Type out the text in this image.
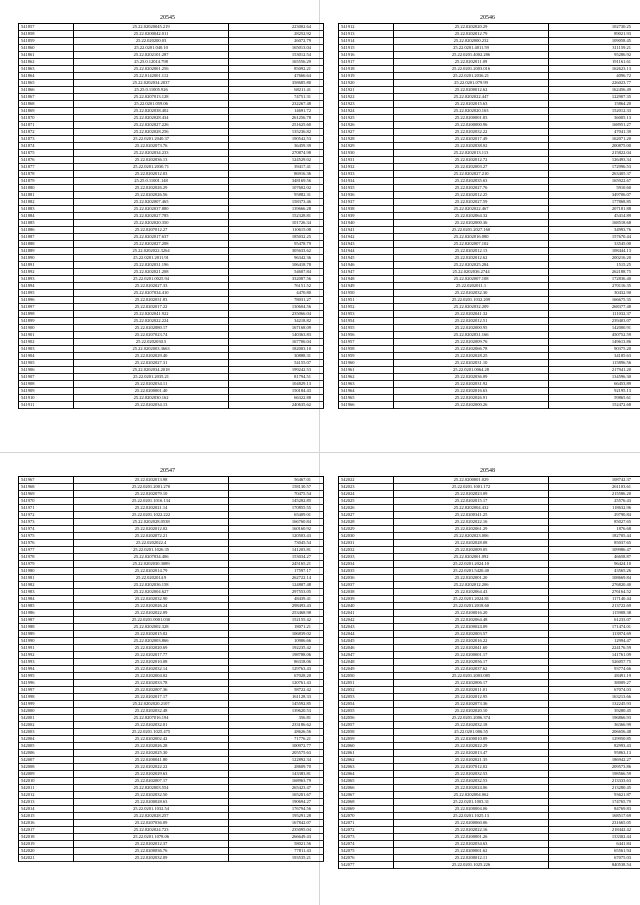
20545
541857	25.22.02020045.219	223002.64
541858	25.22.0200042.011	28252.92
541859	25.22.020200.03	26072.79
541860	25.22.0201.040.10	165013.04
541861	25.22.0202101.287	153012.54
541862	25.25.0.12014.798	165556.29
541863	25.22.0202001.256	85092.21
541864	25.22.0142001.112	47666.64
541865	25.22.0202034.2037	358685.80
541866	25.25.0.11005.926	68211.41
541867	25.22.0207013.128	74751.31
541868	25.22.0201.059.06	232267.48
541869	25.22.0202038.402	14691.72
541870	25.22.0202028.434	261256.78
541871	25.22.0202027.226	251625.60
541872	25.22.0202028.256	135236.82
541873	25.22.0201.2040.37	190542.53
541874	25.22.0202073.76	36459.39
541875	25.22.0202034.233	270874.98
541876	25.22.0202036.13	124529.02
541877	25.22.0201.2030.71	39417.41
541878	25.22.0202012.03	86916.36
541879	25.25.0.11001.148	348169.56
541880	25.22.0202026.29	107602.02
541881	25.22.0202026.56	95882.31
541882	25.22.0202007.465	158373.46
541883	25.22.0202037.880	139666.28
541884	25.22.0202027.785	152328.81
541885	25.22.0202020.350	101726.34
541886	25.22.0207012.27	110615.08
541887	25.22.0202017.637	185032.25
541888	25.22.0202027.208	95478.79
541889	25.22.0202022.3264	305633.62
541890	25.22.0201.2011.91	96342.36
541891	25.22.0202031.196	106418.78
541892	25.22.0202021.208	54607.84
541893	25.22.0201.0025.94	332087.56
541894	25.22.0202027.33	76151.52
541895	25.22.0207034.410	4470.80
541896	25.22.0202031.83	78031.27
541897	25.22.0202017.22	130604.56
541898	25.22.0202041.922	235066.04
541899	25.22.0202022.224	34218.82
541900	25.22.0202080.17	167168.09
541901	25.22.0207023.74	140363.83
541902	25.22.0202030.5	167706.04
541903	25.22.0202003.3663	182003.10
541904	25.22.0202029.40	30888.31
541905	25.22.0202027.31	54155.07
541906	25.22.0202034.2018	199242.53
541907	25.22.0201.2035.21	81794.51
541908	25.22.0202034.11	104829.13
541909	25.22.0200001.40	150184.43
541910	25.22.0202030.162	66322.88
541911	25.22.0202034.13	240635.62
20546
541912	25.22.0202020.29	102730.25
541913	25.22.0202012.79	89021.93
541914	25.22.0202000.232	109058.45
541915	25.22.0201.4011.59	311159.21
541916	25.22.0201.4002.286	95286.92
541917	25.22.0202011.09	191161.61
541918	25.22.0201.2003.016	162623.13
541919	25.22.0201.2036.21	4096.72
541920	25.22.0201.079.99	226023.77
541921	25.22.0200012.62	162456.49
541922	25.22.0202022.447	122907.35
541923	25.22.0202015.63	15864.20
541924	25.22.0202020.163	152012.33
541925	25.22.0200001.83	36005.13
541926	25.22.0200000.96	168951.27
541927	25.22.0202032.22	47041.39
541928	25.22.0202017.49	162071.20
541929	25.22.0202038.02	200875.00
541930	25.22.0202013.113	215822.04
541931	25.22.0202012.72	126493.34
541932	25.22.0202003.27	172996.53
541933	25.22.0202027.210	263405.37
541934	25.22.0202035.63	165922.67
541935	25.22.0202027.76	5910.60
541936	25.22.0202012.25	349706.07
541937	25.22.0202027.59	177868.85
541938	25.22.0202022.467	207181.88
541939	25.22.0202064.32	45414.89
541940	25.22.0202000.36	168518.68
541941	25.22.0201.2027.160	34993.76
541942	25.22.0202016.080	157670.44
541943	25.22.0202007.102	33545.00
541944	25.22.0202012.13	108444.13
541945	25.22.0202012.62	200216.20
541946	25.22.0202025.284	1515.25
541947	25.22.0202036.2744	262188.75
541948	25.22.0202007.108	172836.40
541949	25.22.0202011.1	270116.35
541950	25.22.0202032.30	30432.90
541951	25.22.0201.1032.209	166675.35
541952	25.22.0202032.209	268377.48
541953	25.22.0202041.32	111032.37
541954	25.22.0202012.51	239403.07
541955	25.22.0202000.95	142000.91
541956	25.22.0202031.166	450752.59
541957	25.22.0202009.76	149613.86
541958	25.22.0202066.78	90375.20
541959	25.22.0202028.25	34185.63
541960	25.22.0202031.10	115896.56
541961	25.22.0201.0064.28	217941.20
541962	25.22.0202036.09	134596.30
541963	25.22.0202031.92	66453.89
541964	25.22.0202016.63	92195.13
541965	25.22.0202026.91	59865.61
541966	25.22.0202000.26	152472.68
20547
541967	25.22.0202013.98	56467.01
541968	25.22.0201.2001.270	158130.57
541969	25.22.0202079.10	70475.54
541970	25.22.0201.1016.134	145202.85
541971	25.22.0202021.14	170855.55
541972	25.22.0201.1022.222	65409.01
541973	25.22.0202028.0538	166760.84
541974	25.22.0202012.02	160160.92
541975	25.22.0202072.21	120503.43
541976	25.22.0202022.4	73045.54
541977	25.22.0201.1026.35	141203.81
541978	25.22.0207034.406	153034.27
541979	25.22.0202030.3089	245165.21
541980	25.22.0202014.79	17597.17
541981	25.22.0202014.9	262722.14
541982	25.22.0202036.158	124807.48
541983	25.22.0202004.627	297553.05
541984	25.22.0202032.90	48439.41
541985	25.22.0202026.24	298493.43
541986	25.22.0202022.09	253468.98
541987	25.22.0201.0001.030	152155.42
541988	25.22.0202002.328	18071.21
541989	25.22.0202015.02	106839.02
541990	25.22.0202003.866	10906.66
541991	25.22.0202020.69	192235.42
541992	25.22.0202017.77	198788.06
541993	25.22.0202010.08	86318.06
541994	25.22.0202032.14	129763.43
541995	25.22.0202004.02	67028.20
541996	25.22.0202033.78	120761.43
541997	25.22.0202007.36	58722.42
541998	25.22.0202017.17	161128.33
541999	25.22.0202020.2107	145592.85
542000	25.22.0202032.48	139620.53
542001	25.22.0207016.194	356.81
542002	25.22.0202032.01	233186.62
542003	25.22.0201.1025.475	28626.56
542004	25.22.0202002.42	71776.21
542005	25.22.0202026.28	100972.77
542006	25.22.0202025.30	205575.63
542007	25.22.0200041.80	122892.34
542008	25.22.0202022.22	28609.70
542009	25.22.0202029.63	143383.81
542010	25.22.0202007.17	168963.79
542011	25.22.0202003.554	265423.47
542012	25.22.0202032.50	165201.67
542013	25.22.0200028.63	190694.27
542014	25.22.0201.1032.54	176794.56
542015	25.22.0202028.257	195291.28
542016	25.22.0207036.09	167842.07
542017	25.22.0202024.723	235095.04
542018	25.22.0201.1078.06	266649.43
542019	25.22.0202012.37	58021.56
542020	25.22.0200036.76	77811.43
542021	25.22.0202032.09	193535.21
20548
542022	25.22.0200001.029	108742.37
542023	25.22.0201.1001.172	261103.61
542024	25.22.0202023.09	215586.20
542025	25.22.0202015.17	25576.43
542026	25.22.0202004.432	118632.96
542027	25.22.0200341.25	29790.84
542028	25.22.0202022.16	85027.65
542029	25.22.0202061.29	1876.68
542030	25.22.0202023.006	182705.44
542031	25.22.0202028.08	85037.65
542032	25.22.0202009.05	109986.47
542033	25.22.0202001.092	46658.87
542034	25.22.0201.2024.10	96424.10
542035	25.22.0201.5420.40	43565.26
542036	25.22.0202001.20	108669.84
542037	25.22.0202012.206	276820.40
542038	25.22.0202064.43	276164.52
542039	25.22.0201.2024.81	117140.44
542040	25.22.0201.2018.60	213722.69
542041	25.22.0200016.20	115908.38
542042	25.22.0202064.48	61233.07
542043	25.22.0200024.09	171474.01
542044	25.22.0202003.57	113974.69
542045	25.22.0202016.22	12994.47
542046	25.22.0202041.60	224176.59
542047	25.22.0200001.17	141761.09
542048	25.22.0202056.17	526057.75
542049	25.22.0202037.62	93774.66
542050	25.22.0201.2003.085	28491.19
542051	25.22.0202006.17	38009.27
542052	25.22.0202011.01	67074.03
542053	25.22.0202012.95	163213.66
542054	25.22.0202073.36	132245.93
542055	25.22.0202020.10	39280.45
542056	25.22.0201.2006.374	196866.93
542057	25.22.0202032.18	36366.99
542058	25.22.0201.006.55	206656.48
542059	25.22.0200010.09	129950.85
542060	25.22.0202022.29	82993.43
542061	25.22.0202013.47	95863.13
542062	25.22.0202021.35	186942.27
542063	25.22.0207012.02	209573.86
542064	25.22.0202032.53	198566.59
542065	25.22.0202032.53	213333.63
542066	25.22.0202024.06	213280.45
542067	25.22.0202004.062	93621.87
542068	25.22.0201.1003.31	174765.79
542069	25.22.0200004.06	84769.83
542070	25.22.0201.1025.13	168517.69
542071	25.22.0200060.06	231665.05
542072	25.22.0202022.16	218442.42
542073	25.22.0200001.26	133302.44
542074	25.22.0202034.63	6441.84
542075	25.22.0200001.62	65561.94
542076	25.22.0200012.11	67075.03
542077	25.22.0201.1025.226	840538.54
